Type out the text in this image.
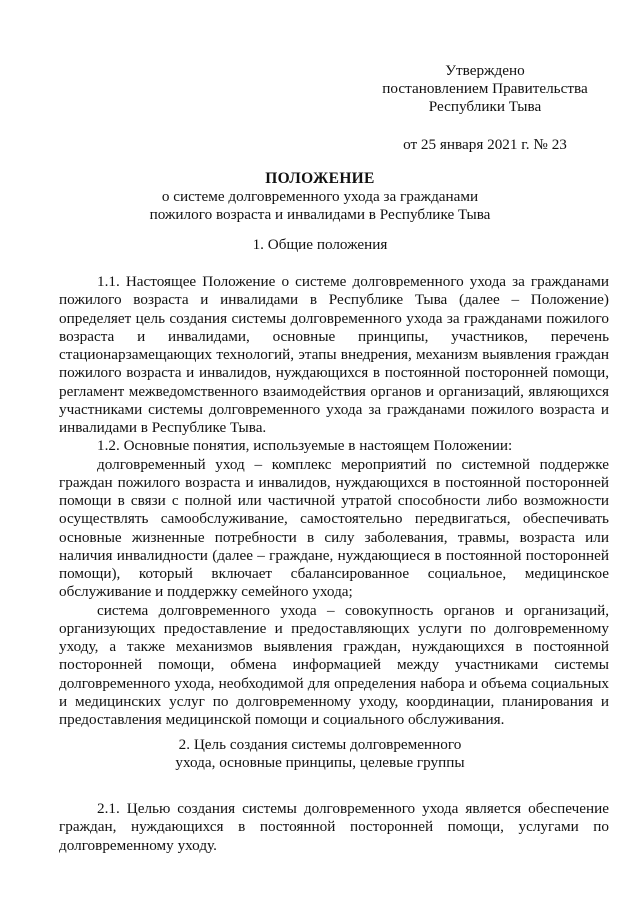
Утверждено
постановлением Правительства
Республики Тыва
от 25 января 2021 г. № 23
ПОЛОЖЕНИЕ
о системе долговременного ухода за гражданами
пожилого возраста и инвалидами в Республике Тыва
1. Общие положения

1.1. Настоящее Положение о системе долговременного ухода за гражданами пожилого возраста и инвалидами в Республике Тыва (далее – Положение) определяет цель создания системы долговременного ухода за гражданами пожилого возраста и инвалидами, основные принципы, участников, перечень стационарзамещающих технологий, этапы внедрения, механизм выявления граждан пожилого возраста и инвалидов, нуждающихся в постоянной посторонней помощи, регламент межведомственного взаимодействия органов и организаций, являющихся участниками системы долговременного ухода за гражданами пожилого возраста и инвалидами в Республике Тыва.

1.2. Основные понятия, используемые в настоящем Положении:

долговременный уход – комплекс мероприятий по системной поддержке граждан пожилого возраста и инвалидов, нуждающихся в постоянной посторонней помощи в связи с полной или частичной утратой способности либо возможности осуществлять самообслуживание, самостоятельно передвигаться, обеспечивать основные жизненные потребности в силу заболевания, травмы, возраста или наличия инвалидности (далее – граждане, нуждающиеся в постоянной посторонней помощи), который включает сбалансированное социальное, медицинское обслуживание и поддержку семейного ухода;

система долговременного ухода – совокупность органов и организаций, организующих предоставление и предоставляющих услуги по долговременному уходу, а также механизмов выявления граждан, нуждающихся в постоянной посторонней помощи, обмена информацией между участниками системы долговременного ухода, необходимой для определения набора и объема социальных и медицинских услуг по долговременному уходу, координации, планирования и предоставления медицинской помощи и социального обслуживания.

2. Цель создания системы долговременного
ухода, основные принципы, целевые группы

2.1. Целью создания системы долговременного ухода является обеспечение граждан, нуждающихся в постоянной посторонней помощи, услугами по долговременному уходу.
